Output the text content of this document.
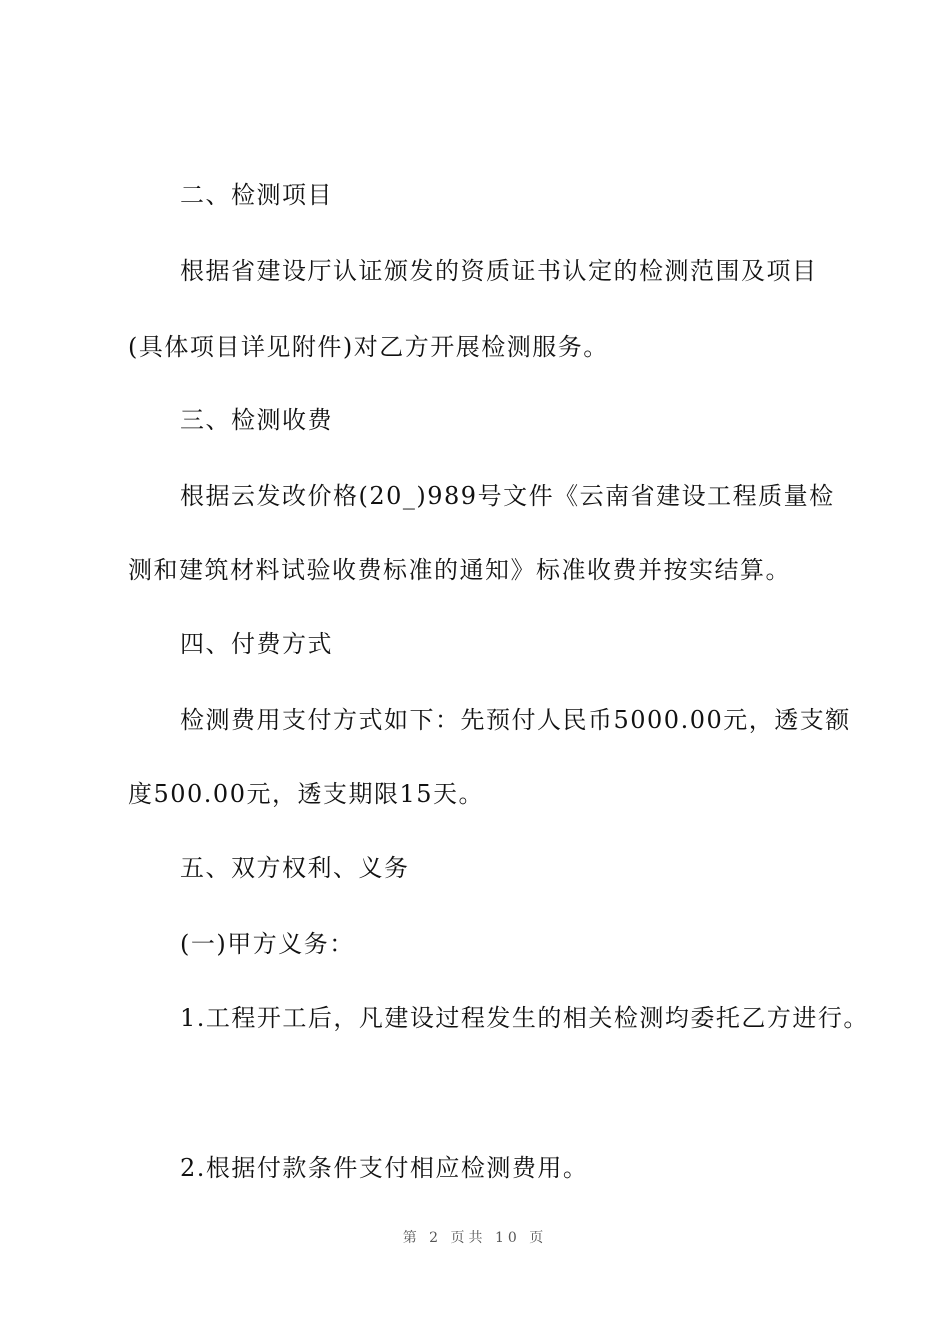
二、检测项目
根据省建设厅认证颁发的资质证书认定的检测范围及项目
(具体项目详见附件)对乙方开展检测服务。
三、检测收费
根据云发改价格(20_)989号文件《云南省建设工程质量检
测和建筑材料试验收费标准的通知》标准收费并按实结算。
四、付费方式
检测费用支付方式如下：先预付人民币5000.00元，透支额
度500.00元，透支期限15天。
五、双方权利、义务
(一)甲方义务：
1.工程开工后，凡建设过程发生的相关检测均委托乙方进行。
2.根据付款条件支付相应检测费用。
第 2 页共 10 页
